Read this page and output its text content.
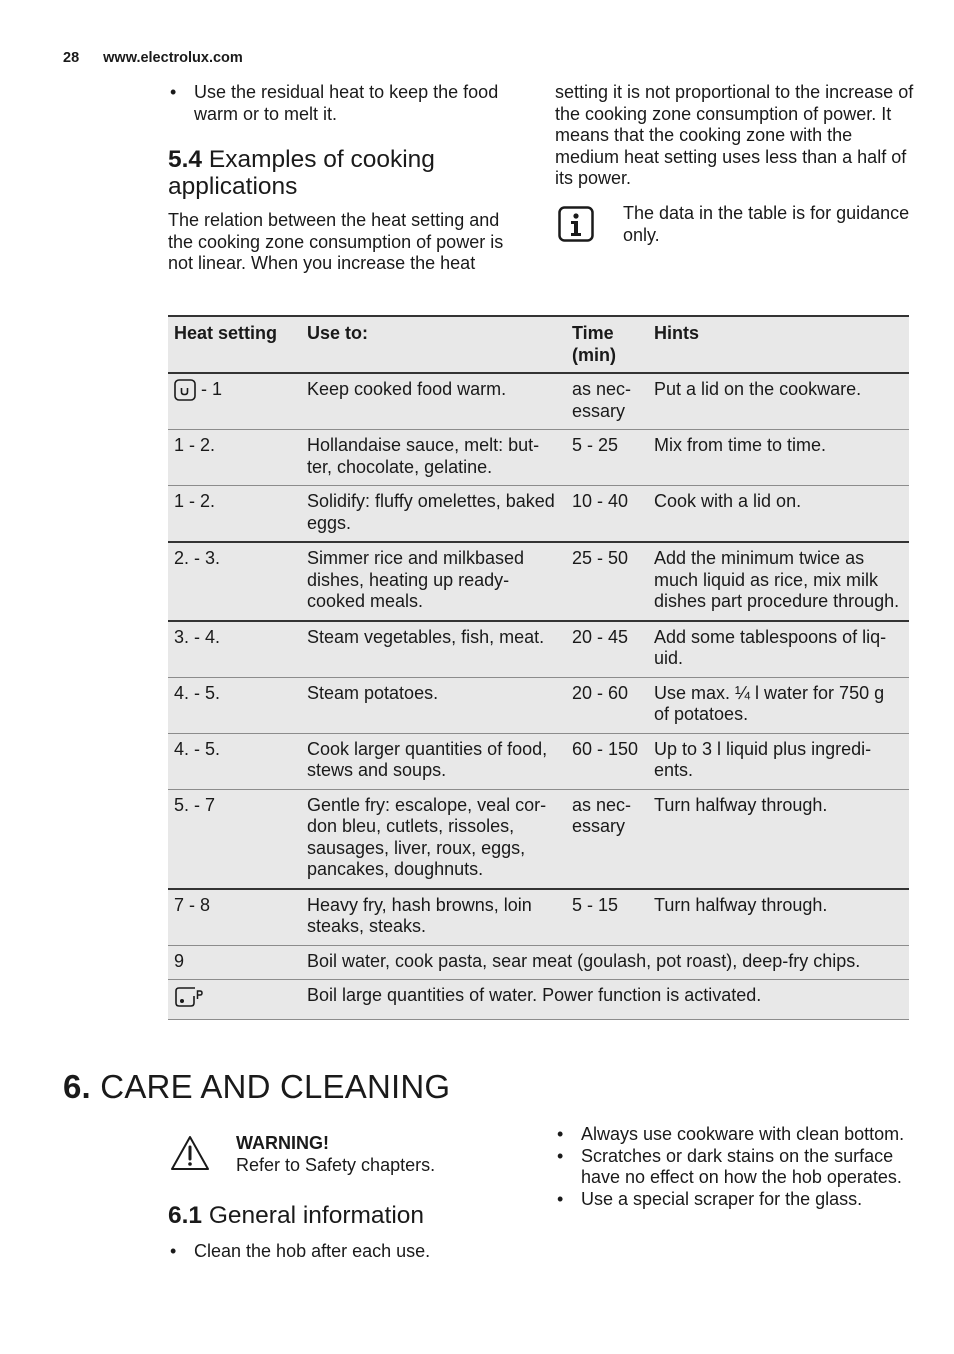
28 www.electrolux.com
• Use the residual heat to keep the food warm or to melt it.
5.4 Examples of cooking applications

The relation between the heat setting and the cooking zone consumption of power is not linear. When you increase the heat

setting it is not proportional to the increase of the cooking zone consumption of power. It means that the cooking zone with the medium heat setting uses less than a half of its power.

The data in the table is for guidance only.
Heat setting	Use to:	Time (min)	Hints
- 1	Keep cooked food warm.	as nec-essary	Put a lid on the cookware.
1 - 2.	Hollandaise sauce, melt: but-ter, chocolate, gelatine.	5 - 25	Mix from time to time.
1 - 2.	Solidify: fluffy omelettes, baked eggs.	10 - 40	Cook with a lid on.
2. - 3.	Simmer rice and milkbased dishes, heating up ready-cooked meals.	25 - 50	Add the minimum twice as much liquid as rice, mix milk dishes part procedure through.
3. - 4.	Steam vegetables, fish, meat.	20 - 45	Add some tablespoons of liq-uid.
4. - 5.	Steam potatoes.	20 - 60	Use max. ¼ l water for 750 g of potatoes.
4. - 5.	Cook larger quantities of food, stews and soups.	60 - 150	Up to 3 l liquid plus ingredi-ents.
5. - 7	Gentle fry: escalope, veal cor-don bleu, cutlets, rissoles, sausages, liver, roux, eggs, pancakes, doughnuts.	as nec-essary	Turn halfway through.
7 - 8	Heavy fry, hash browns, loin steaks, steaks.	5 - 15	Turn halfway through.
9	Boil water, cook pasta, sear meat (goulash, pot roast), deep-fry chips.		
	Boil large quantities of water. Power function is activated.		
6. CARE AND CLEANING
WARNING!
Refer to Safety chapters.
6.1 General information
• Clean the hob after each use.
• Always use cookware with clean bottom.
• Scratches or dark stains on the surface have no effect on how the hob operates.
• Use a special scraper for the glass.
